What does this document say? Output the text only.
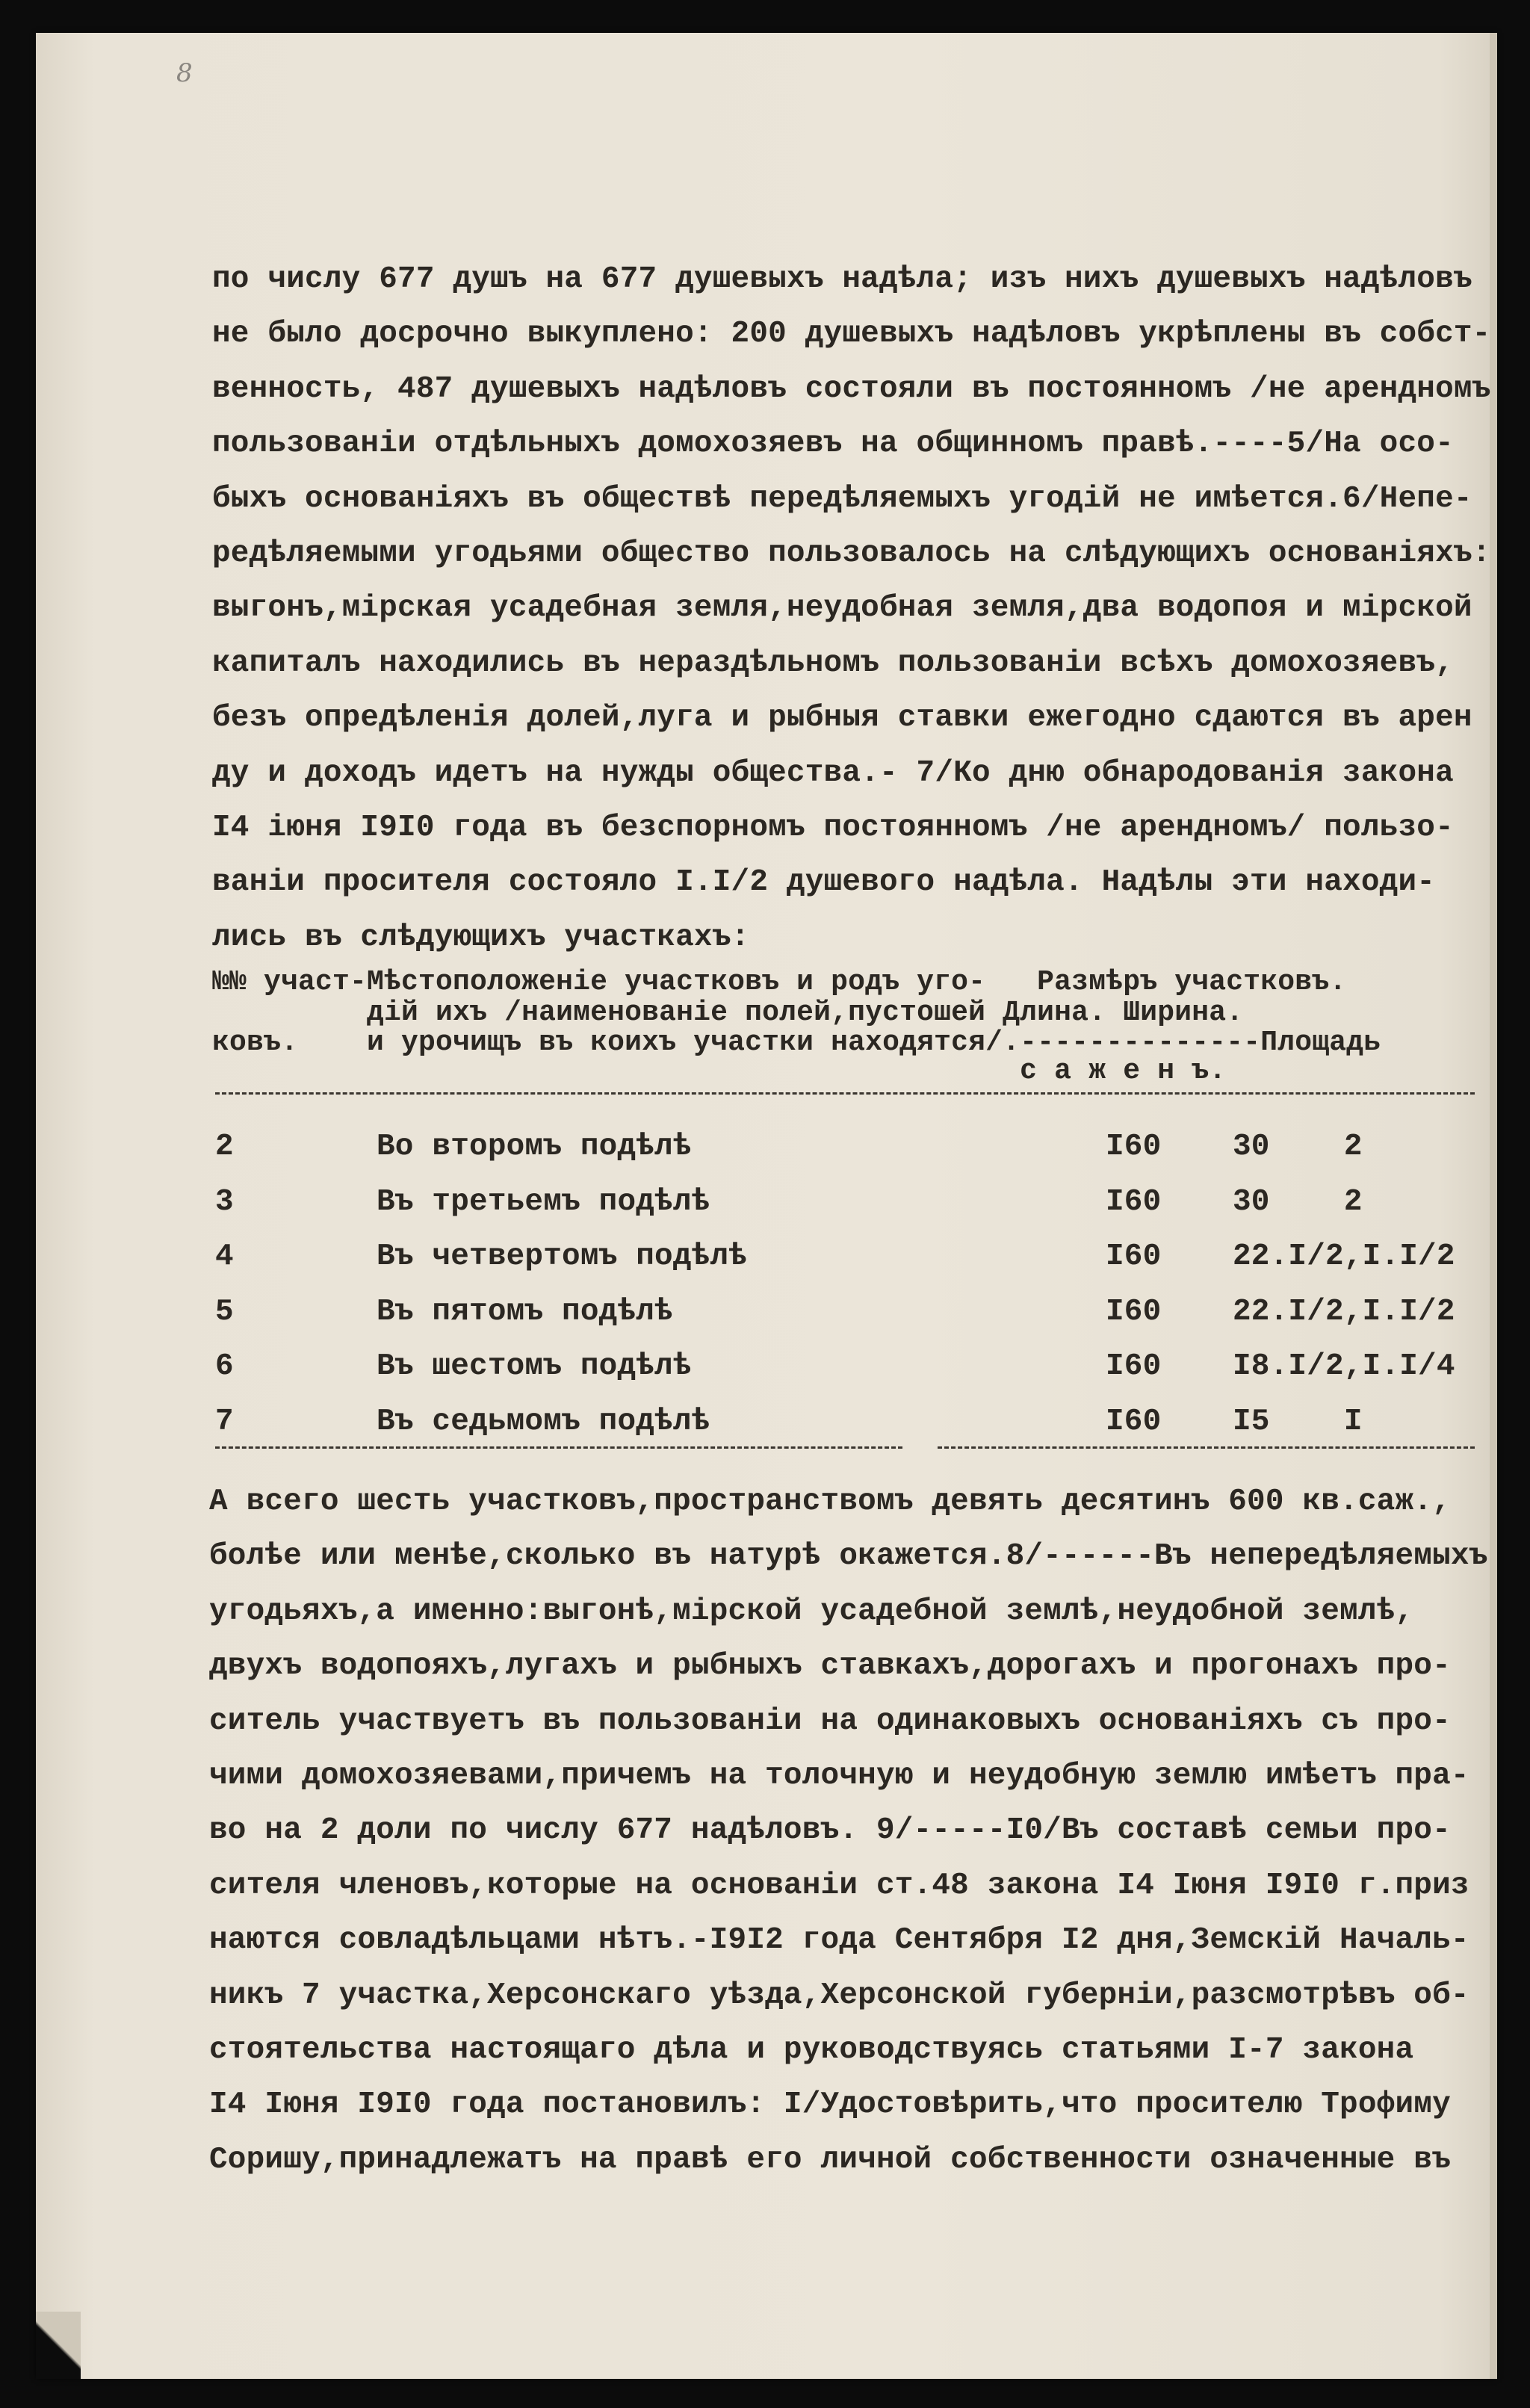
8
по числу 677 душъ на 677 душевыхъ надѣла; изъ нихъ душевыхъ надѣловъ
не было досрочно выкуплено: 200 душевыхъ надѣловъ укрѣплены въ собст-
венность, 487 душевыхъ надѣловъ состояли въ постоянномъ /не арендномъ
пользованiи отдѣльныхъ домохозяевъ на общинномъ правѣ.----5/На осо-
быхъ основанiяхъ въ обществѣ передѣляемыхъ угодiй не имѣется.6/Непе-
редѣляемыми угодьями общество пользовалось на слѣдующихъ основанiяхъ:
выгонъ,мiрская усадебная земля,неудобная земля,два водопоя и мiрской
капиталъ находились въ нераздѣльномъ пользованiи всѣхъ домохозяевъ,
безъ опредѣленiя долей,луга и рыбныя ставки ежегодно сдаются въ арен
ду и доходъ идетъ на нужды общества.- 7/Ко дню обнародованiя закона
I4 iюня I9I0 года въ безспорномъ постоянномъ /не арендномъ/ пользо-
ванiи просителя состояло I.I/2 душевого надѣла. Надѣлы эти находи-
лись въ слѣдующихъ участкахъ:
№№ участ-Мѣстоположенiе участковъ и родъ уго-   Размѣръ участковъ.
дiй ихъ /наименованiе полей,пустошей Длина. Ширина.
ковъ.    и урочищъ въ коихъ участки находятся/.--------------Площадь
с а ж е н ъ.
2	Во второмъ подѣлѣ	I60 30    2
3	Въ третьемъ подѣлѣ	I60 30    2
4	Въ четвертомъ подѣлѣ	I60 22.I/2,I.I/2
5	Въ пятомъ подѣлѣ	I60 22.I/2,I.I/2
6	Въ шестомъ подѣлѣ	I60 I8.I/2,I.I/4
7	Въ седьмомъ подѣлѣ	I60 I5    I
А всего шесть участковъ,пространствомъ девять десятинъ 600 кв.саж.,
болѣе или менѣе,сколько въ натурѣ окажется.8/------Въ непередѣляемыхъ
угодьяхъ,а именно:выгонѣ,мiрской усадебной землѣ,неудобной землѣ,
двухъ водопояхъ,лугахъ и рыбныхъ ставкахъ,дорогахъ и прогонахъ про-
ситель участвуетъ въ пользованiи на одинаковыхъ основанiяхъ съ про-
чими домохозяевами,причемъ на толочную и неудобную землю имѣетъ пра-
во на 2 доли по числу 677 надѣловъ. 9/-----I0/Въ составѣ семьи про-
сителя членовъ,которые на основанiи ст.48 закона I4 Iюня I9I0 г.приз
наются совладѣльцами нѣтъ.-I9I2 года Сентября I2 дня,Земскiй Началь-
никъ 7 участка,Херсонскаго уѣзда,Херсонской губернiи,разсмотрѣвъ об-
стоятельства настоящаго дѣла и руководствуясь статьями I-7 закона
I4 Iюня I9I0 года постановилъ: I/Удостовѣрить,что просителю Трофиму
Соришу,принадлежатъ на правѣ его личной собственности означенные въ
